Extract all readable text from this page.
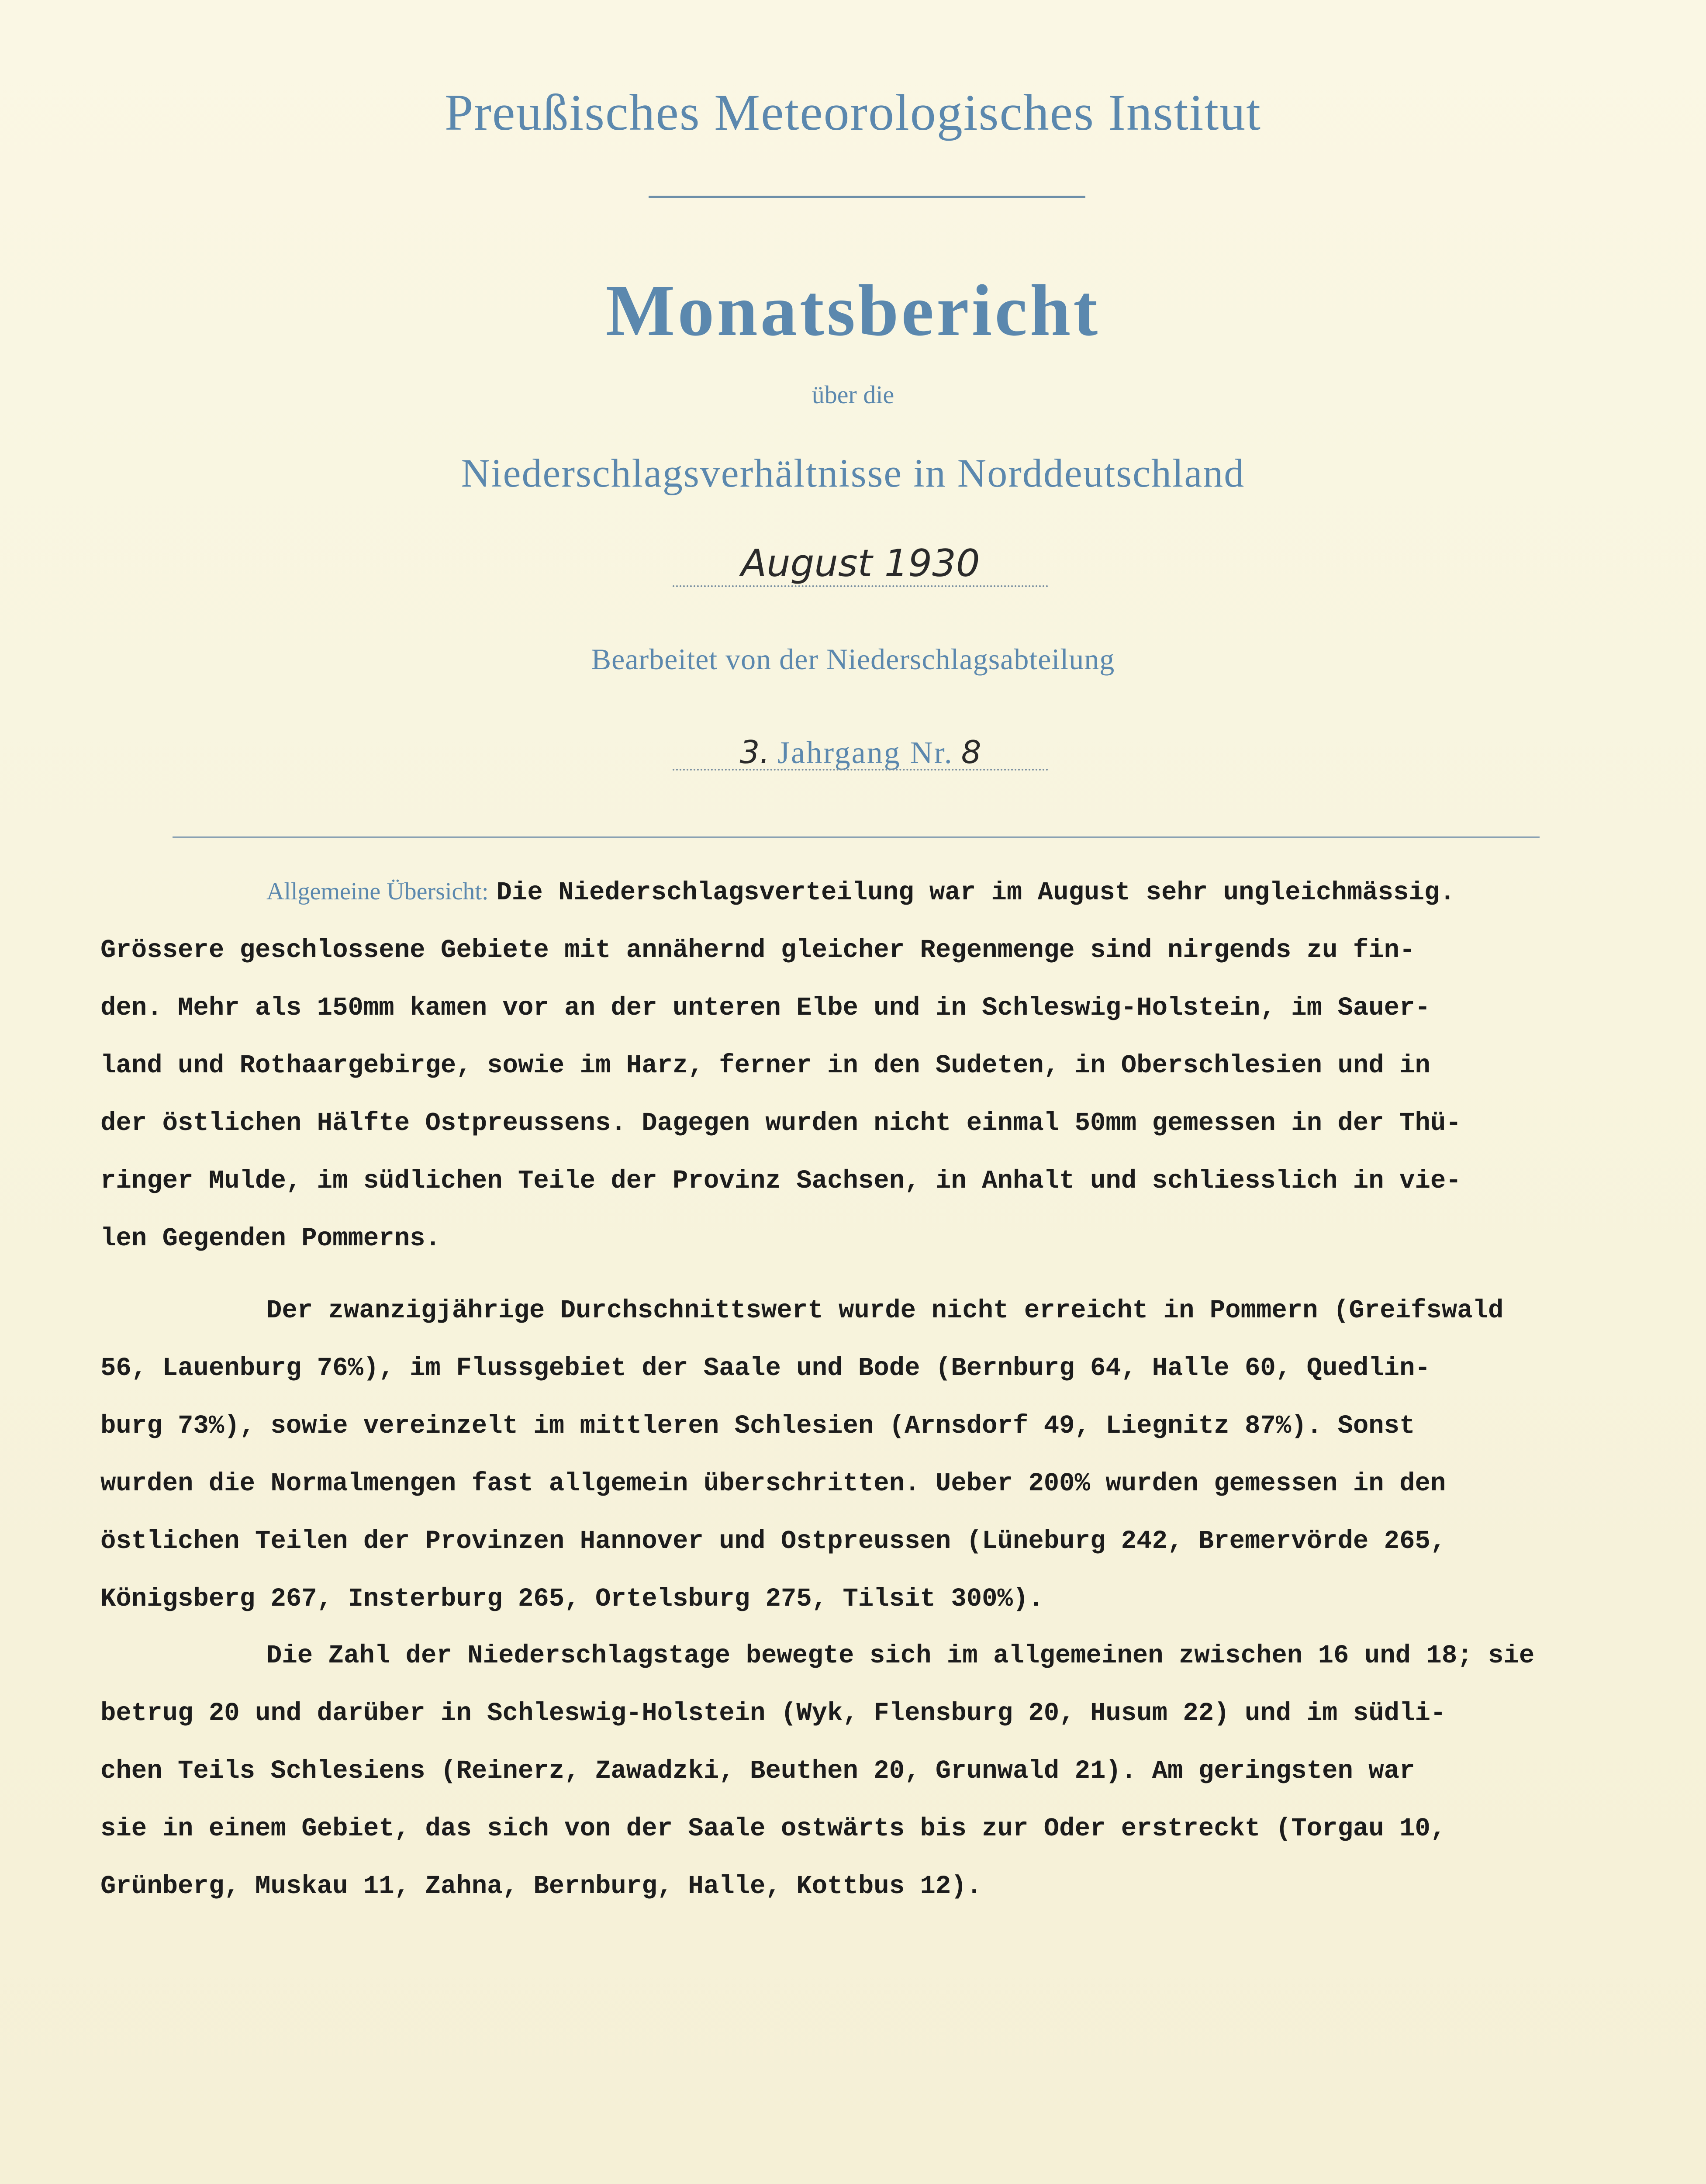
Preußisches Meteorologisches Institut
Monatsbericht
über die
Niederschlagsverhältnisse in Norddeutschland
August 1930
Bearbeitet von der Niederschlagsabteilung
3. Jahrgang Nr. 8
Allgemeine Übersicht: Die Niederschlagsverteilung war im August sehr ungleichmässig.
Grössere geschlossene Gebiete mit annähernd gleicher Regenmenge sind nirgends zu fin-
den. Mehr als 150mm kamen vor an der unteren Elbe und in Schleswig-Holstein, im Sauer-
land und Rothaargebirge, sowie im Harz, ferner in den Sudeten, in Oberschlesien und in
der östlichen Hälfte Ostpreussens. Dagegen wurden nicht einmal 50mm gemessen in der Thü-
ringer Mulde, im südlichen Teile der Provinz Sachsen, in Anhalt und schliesslich in vie-
len Gegenden Pommerns.
Der zwanzigjährige Durchschnittswert wurde nicht erreicht in Pommern (Greifswald
56, Lauenburg 76%), im Flussgebiet der Saale und Bode (Bernburg 64, Halle 60, Quedlin-
burg 73%), sowie vereinzelt im mittleren Schlesien (Arnsdorf 49, Liegnitz 87%). Sonst
wurden die Normalmengen fast allgemein überschritten. Ueber 200% wurden gemessen in den
östlichen Teilen der Provinzen Hannover und Ostpreussen (Lüneburg 242, Bremervörde 265,
Königsberg 267, Insterburg 265, Ortelsburg 275, Tilsit 300%).
Die Zahl der Niederschlagstage bewegte sich im allgemeinen zwischen 16 und 18; sie
betrug 20 und darüber in Schleswig-Holstein (Wyk, Flensburg 20, Husum 22) und im südli-
chen Teils Schlesiens (Reinerz, Zawadzki, Beuthen 20, Grunwald 21). Am geringsten war
sie in einem Gebiet, das sich von der Saale ostwärts bis zur Oder erstreckt (Torgau 10,
Grünberg, Muskau 11, Zahna, Bernburg, Halle, Kottbus 12).
